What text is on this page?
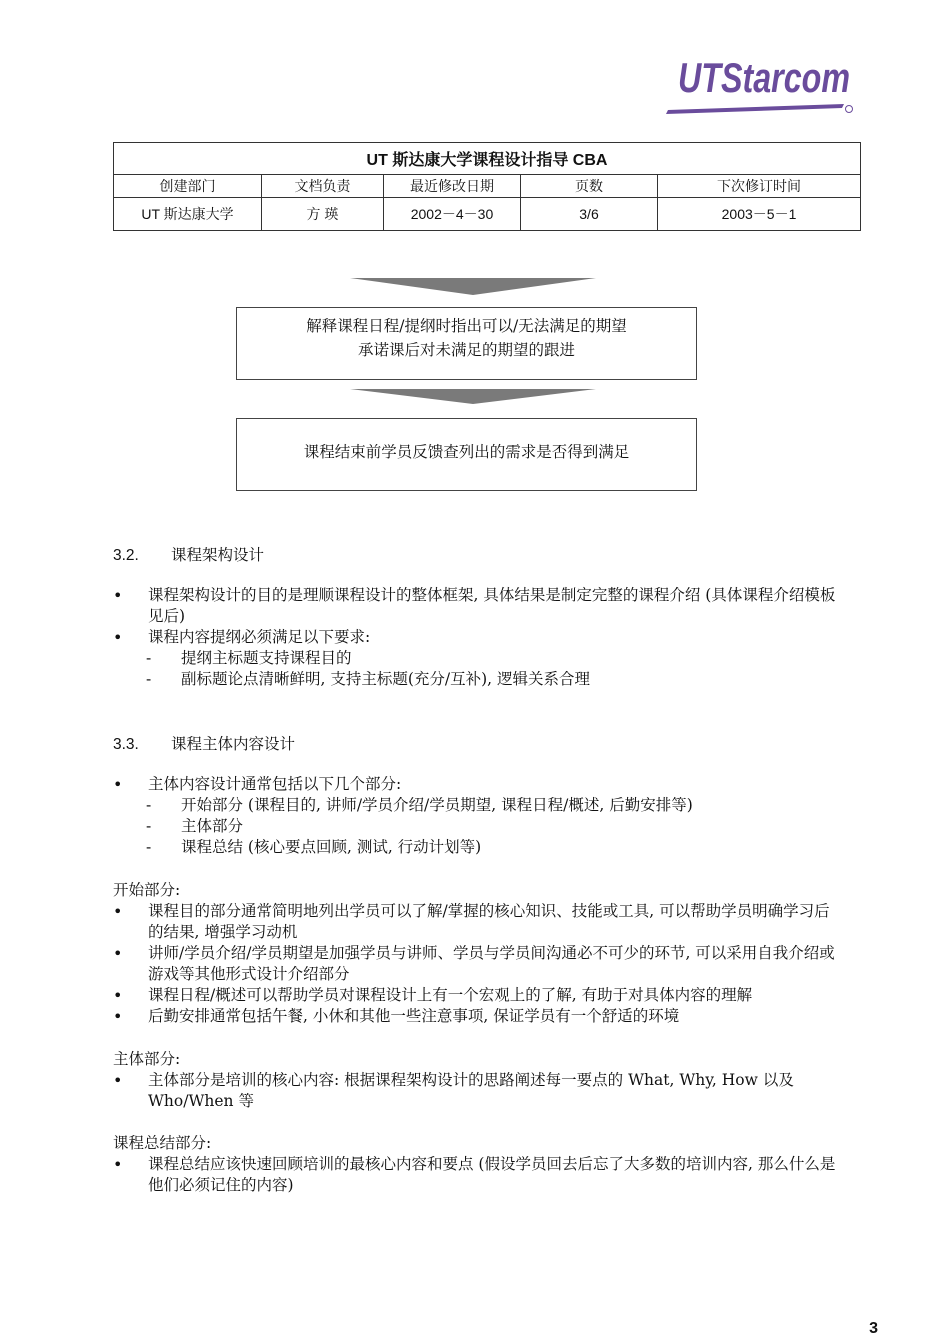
UTStarcom
UT 斯达康大学课程设计指导 CBA				
创建部门	文档负责	最近修改日期	页数	下次修订时间
UT 斯达康大学	方 瑛	2002－4－30	3/6	2003－5－1
解释课程日程/提纲时指出可以/无法满足的期望
承诺课后对未满足的期望的跟进
课程结束前学员反馈查列出的需求是否得到满足
3.2. 课程架构设计
• 课程架构设计的目的是理顺课程设计的整体框架, 具体结果是制定完整的课程介绍 (具体课程介绍模板见后)
• 课程内容提纲必须满足以下要求:
- 提纲主标题支持课程目的
- 副标题论点清晰鲜明, 支持主标题(充分/互补), 逻辑关系合理
3.3. 课程主体内容设计
• 主体内容设计通常包括以下几个部分:
- 开始部分 (课程目的, 讲师/学员介绍/学员期望, 课程日程/概述, 后勤安排等)
- 主体部分
- 课程总结 (核心要点回顾, 测试, 行动计划等)
开始部分:
• 课程目的部分通常简明地列出学员可以了解/掌握的核心知识、技能或工具, 可以帮助学员明确学习后的结果, 增强学习动机
• 讲师/学员介绍/学员期望是加强学员与讲师、学员与学员间沟通必不可少的环节, 可以采用自我介绍或游戏等其他形式设计介绍部分
• 课程日程/概述可以帮助学员对课程设计上有一个宏观上的了解, 有助于对具体内容的理解
• 后勤安排通常包括午餐, 小休和其他一些注意事项, 保证学员有一个舒适的环境
主体部分:
• 主体部分是培训的核心内容: 根据课程架构设计的思路阐述每一要点的 What, Why, How 以及 Who/When 等
课程总结部分:
• 课程总结应该快速回顾培训的最核心内容和要点 (假设学员回去后忘了大多数的培训内容, 那么什么是他们必须记住的内容)
3
